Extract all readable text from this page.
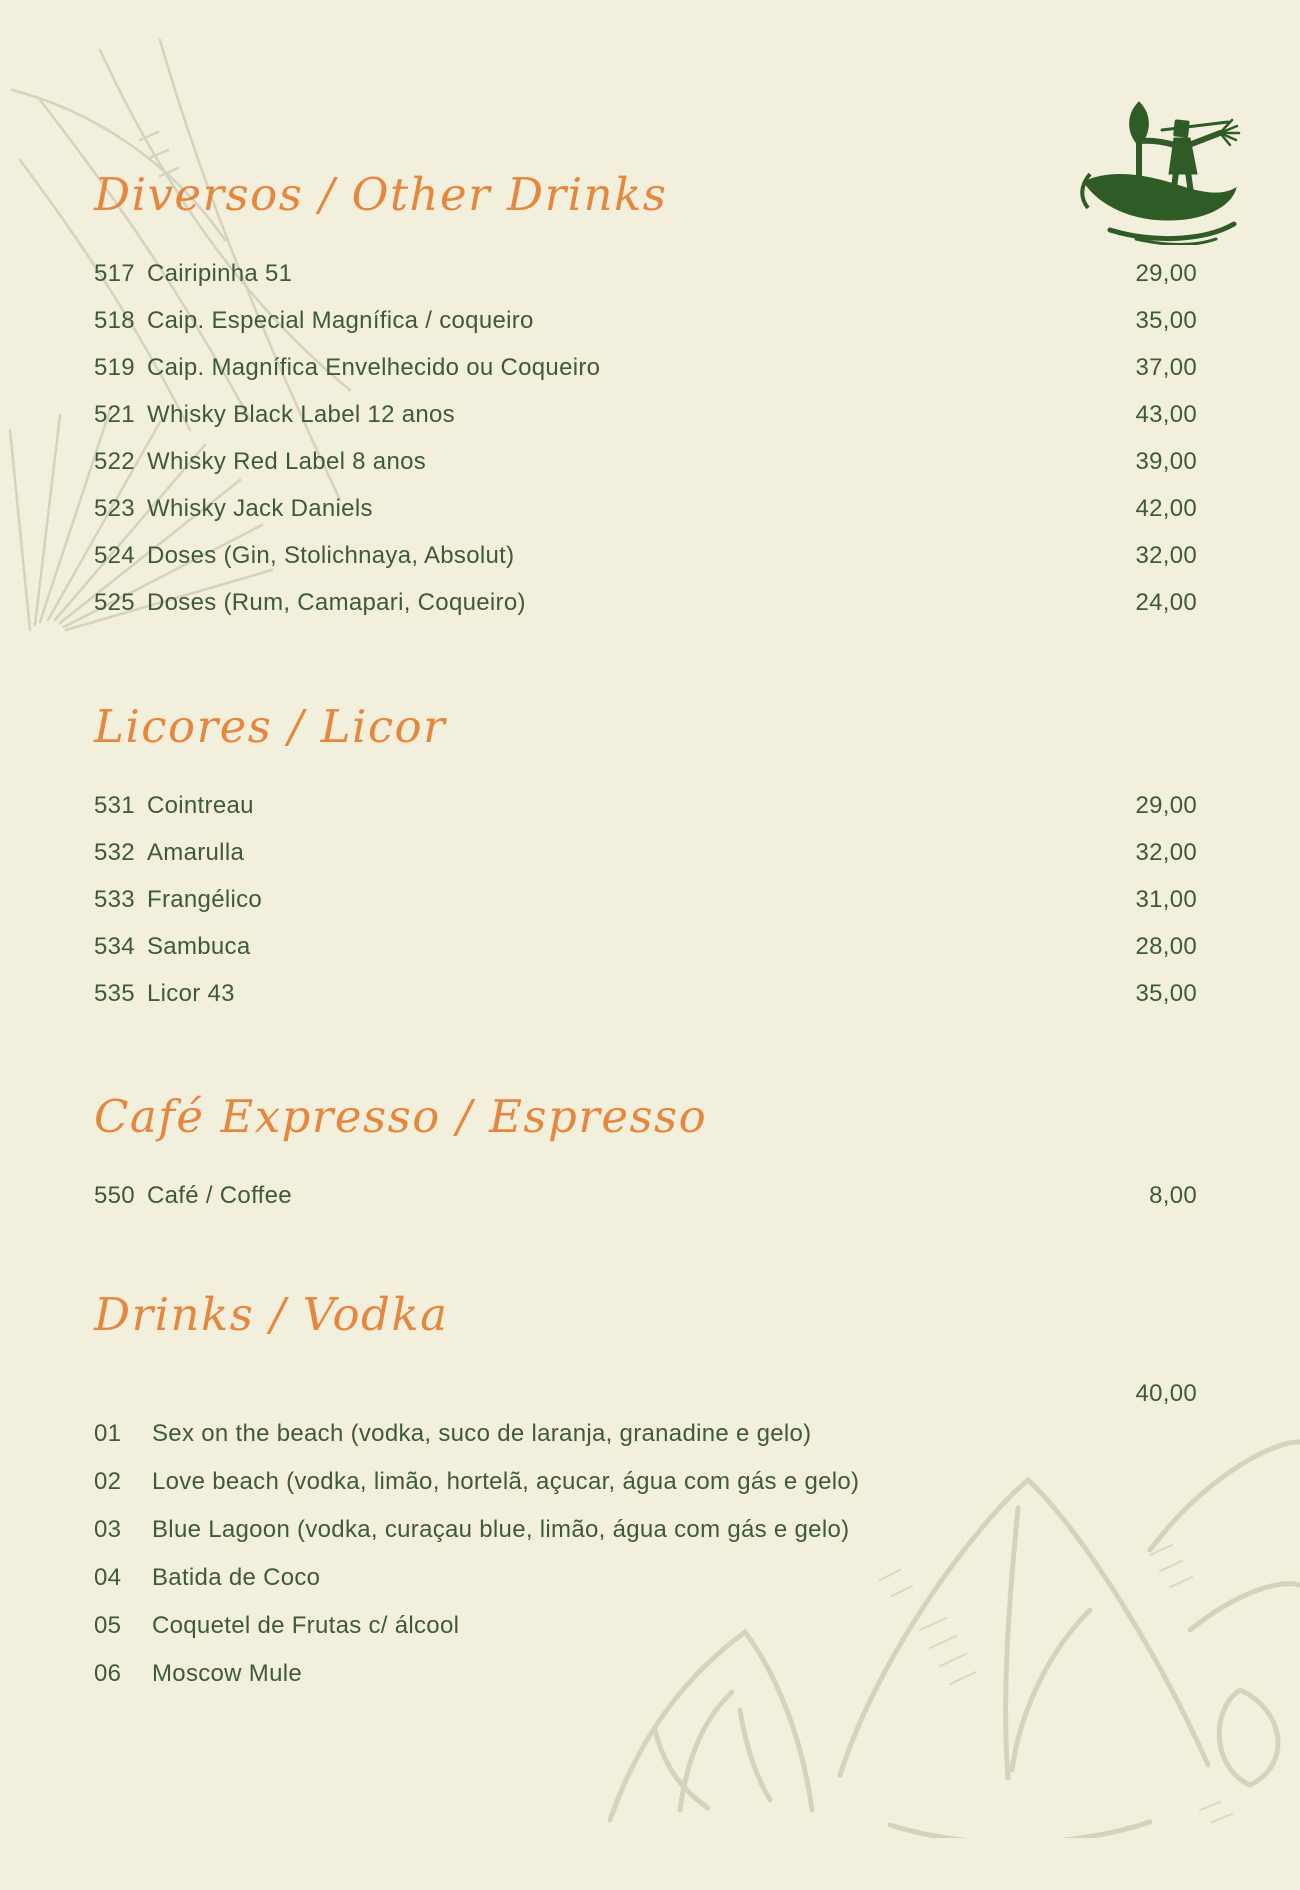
Diversos / Other Drinks
517 Cairipinha 51	29,00
518 Caip. Especial Magnífica / coqueiro	35,00
519 Caip. Magnífica Envelhecido ou Coqueiro	37,00
521 Whisky Black Label 12 anos	43,00
522 Whisky Red Label 8 anos	39,00
523 Whisky Jack Daniels	42,00
524 Doses (Gin, Stolichnaya, Absolut)	32,00
525 Doses (Rum, Camapari, Coqueiro)	24,00
Licores / Licor
531 Cointreau	29,00
532 Amarulla	32,00
533 Frangélico	31,00
534 Sambuca	28,00
535 Licor 43	35,00
Café Expresso / Espresso
550 Café / Coffee	8,00
Drinks / Vodka
40,00
01	Sex on the beach (vodka, suco de laranja, granadine e gelo)
02	Love beach (vodka, limão, hortelã, açucar, água com gás e gelo)
03	Blue Lagoon (vodka, curaçau blue, limão, água com gás e gelo)
04	Batida de Coco
05	Coquetel de Frutas c/ álcool
06	Moscow Mule
